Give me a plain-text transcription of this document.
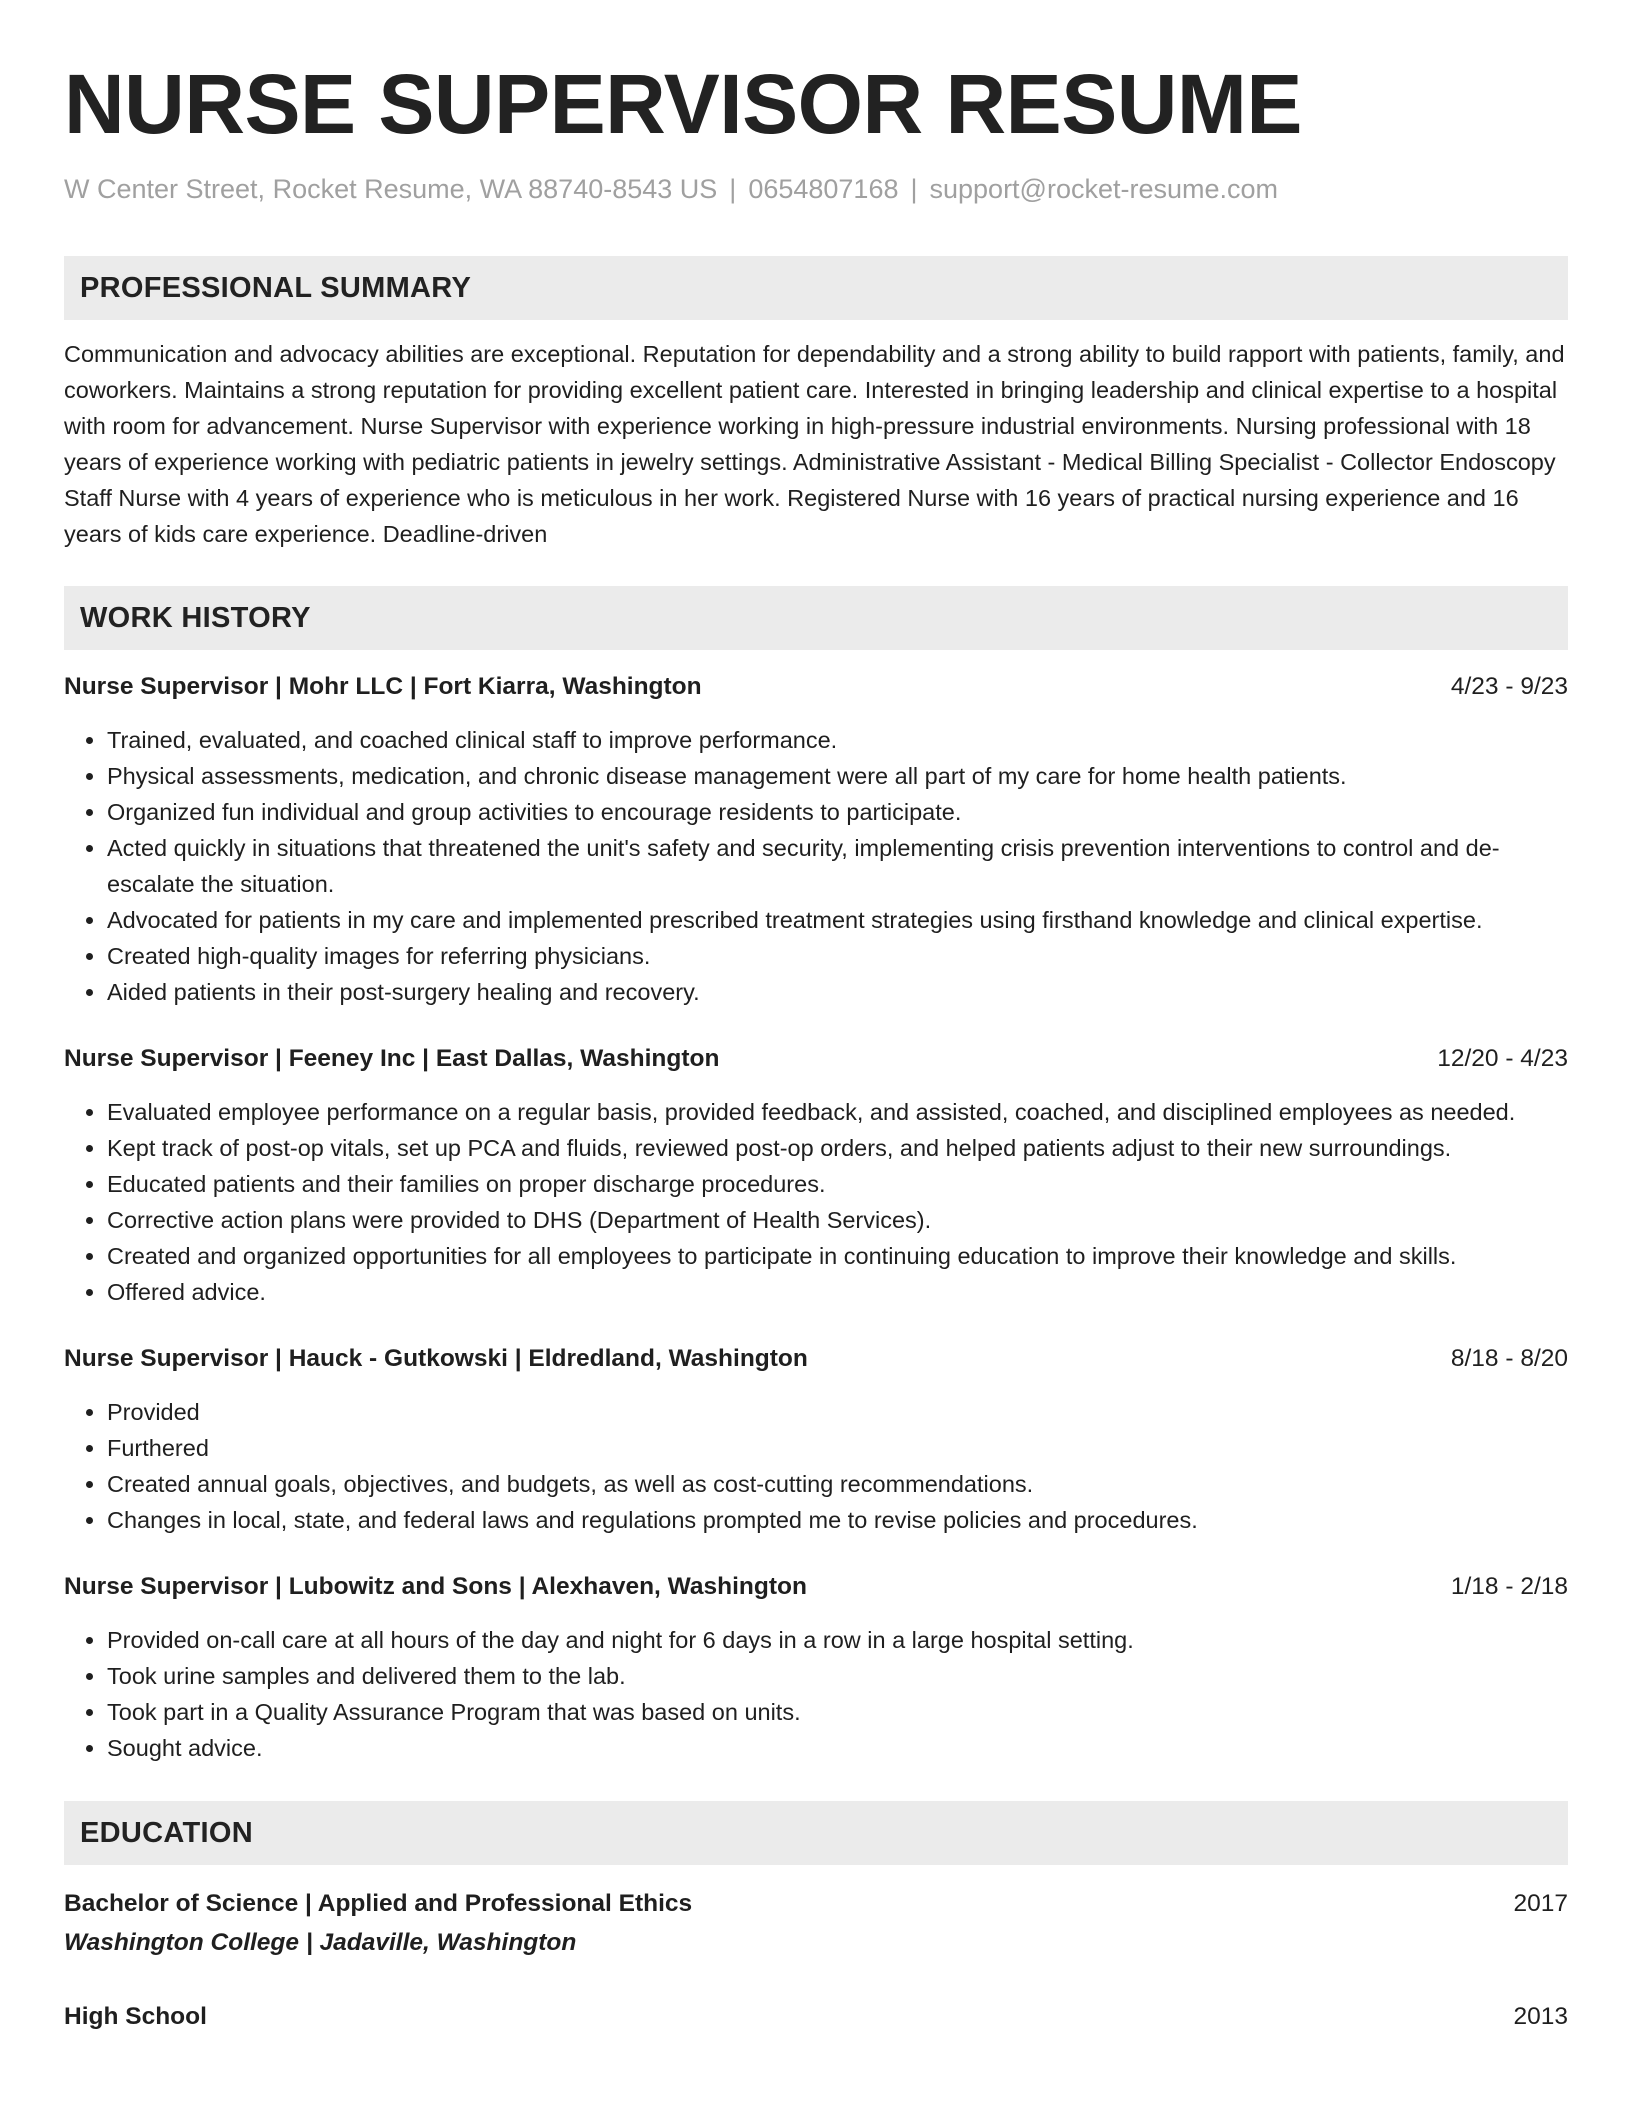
NURSE SUPERVISOR RESUME
W Center Street, Rocket Resume, WA 88740-8543 US | 0654807168 | support@rocket-resume.com
PROFESSIONAL SUMMARY
Communication and advocacy abilities are exceptional. Reputation for dependability and a strong ability to build rapport with patients, family, and coworkers. Maintains a strong reputation for providing excellent patient care. Interested in bringing leadership and clinical expertise to a hospital with room for advancement. Nurse Supervisor with experience working in high-pressure industrial environments. Nursing professional with 18 years of experience working with pediatric patients in jewelry settings. Administrative Assistant - Medical Billing Specialist - Collector Endoscopy Staff Nurse with 4 years of experience who is meticulous in her work. Registered Nurse with 16 years of practical nursing experience and 16 years of kids care experience. Deadline-driven
WORK HISTORY
Nurse Supervisor | Mohr LLC | Fort Kiarra, Washington	4/23 - 9/23
• Trained, evaluated, and coached clinical staff to improve performance.
• Physical assessments, medication, and chronic disease management were all part of my care for home health patients.
• Organized fun individual and group activities to encourage residents to participate.
• Acted quickly in situations that threatened the unit's safety and security, implementing crisis prevention interventions to control and de-escalate the situation.
• Advocated for patients in my care and implemented prescribed treatment strategies using firsthand knowledge and clinical expertise.
• Created high-quality images for referring physicians.
• Aided patients in their post-surgery healing and recovery.
Nurse Supervisor | Feeney Inc | East Dallas, Washington	12/20 - 4/23
• Evaluated employee performance on a regular basis, provided feedback, and assisted, coached, and disciplined employees as needed.
• Kept track of post-op vitals, set up PCA and fluids, reviewed post-op orders, and helped patients adjust to their new surroundings.
• Educated patients and their families on proper discharge procedures.
• Corrective action plans were provided to DHS (Department of Health Services).
• Created and organized opportunities for all employees to participate in continuing education to improve their knowledge and skills.
• Offered advice.
Nurse Supervisor | Hauck - Gutkowski | Eldredland, Washington	8/18 - 8/20
• Provided
• Furthered
• Created annual goals, objectives, and budgets, as well as cost-cutting recommendations.
• Changes in local, state, and federal laws and regulations prompted me to revise policies and procedures.
Nurse Supervisor | Lubowitz and Sons | Alexhaven, Washington	1/18 - 2/18
• Provided on-call care at all hours of the day and night for 6 days in a row in a large hospital setting.
• Took urine samples and delivered them to the lab.
• Took part in a Quality Assurance Program that was based on units.
• Sought advice.
EDUCATION
Bachelor of Science | Applied and Professional Ethics	2017
Washington College | Jadaville, Washington
High School	2013
